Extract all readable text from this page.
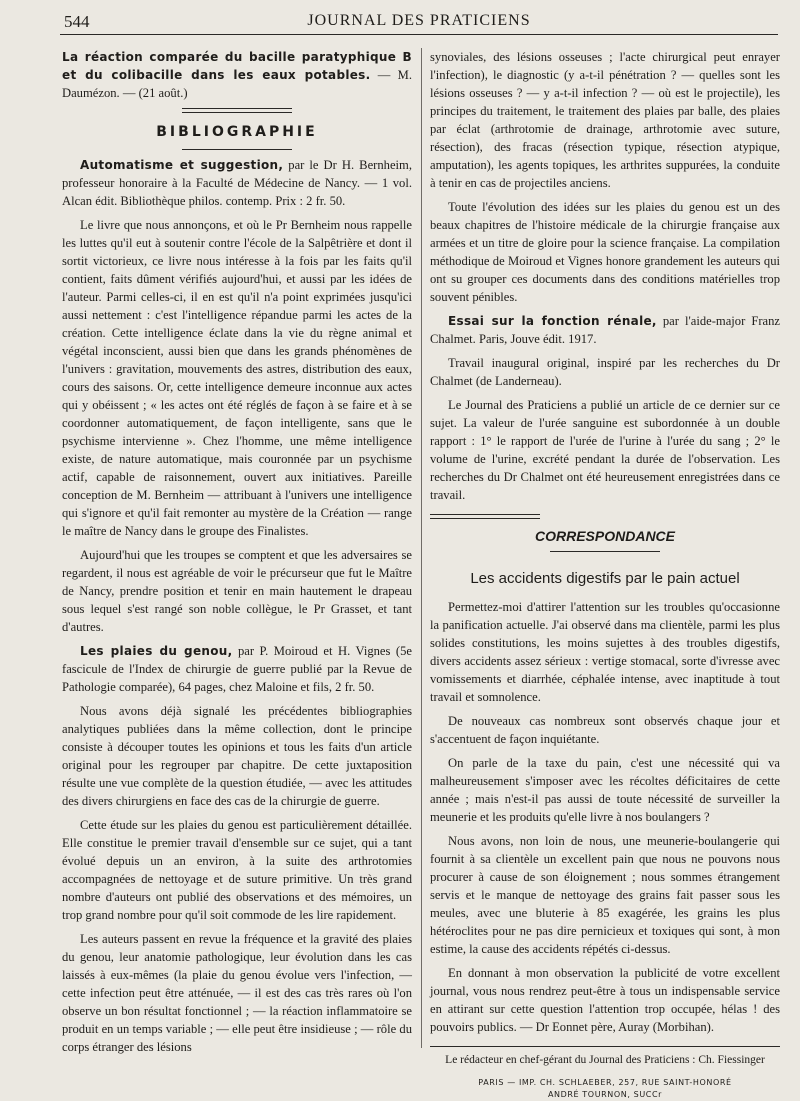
544	JOURNAL DES PRATICIENS

La réaction comparée du bacille paratyphique B et du colibacille dans les eaux potables. — M. Daumézon. — (21 août.)

BIBLIOGRAPHIE

Automatisme et suggestion, par le Dr H. Bernheim, professeur honoraire à la Faculté de Médecine de Nancy. — 1 vol. Alcan édit. Bibliothèque philos. contemp. Prix : 2 fr. 50.

Le livre que nous annonçons, et où le Pr Bernheim nous rappelle les luttes qu'il eut à soutenir contre l'école de la Salpêtrière et dont il sortit victorieux, ce livre nous intéresse à la fois par les faits qu'il contient, faits dûment vérifiés aujourd'hui, et aussi par les idées de l'auteur. Parmi celles-ci, il en est qu'il n'a point exprimées jusqu'ici aussi nettement : c'est l'intelligence répandue parmi les actes de la création. Cette intelligence éclate dans la vie du règne animal et végétal inconscient, aussi bien que dans les grands phénomènes de l'univers : gravitation, mouvements des astres, distribution des eaux, cours des saisons. Or, cette intelligence demeure inconnue aux actes qui y obéissent ; « les actes ont été réglés de façon à se faire et à se coordonner automatiquement, de façon intelligente, sans que le psychisme intervienne ». Chez l'homme, une même intelligence existe, de nature automatique, mais couronnée par un psychisme actif, capable de raisonnement, ouvert aux initiatives. Pareille conception de M. Bernheim — attribuant à l'univers une intelligence qui s'ignore et qu'il fait remonter au mystère de la Création — range le maître de Nancy dans le groupe des Finalistes.

Aujourd'hui que les troupes se comptent et que les adversaires se regardent, il nous est agréable de voir le précurseur que fut le Maître de Nancy, prendre position et tenir en main hautement le drapeau sous lequel s'est rangé son noble collègue, le Pr Grasset, et tant d'autres.

Les plaies du genou, par P. Moiroud et H. Vignes (5e fascicule de l'Index de chirurgie de guerre publié par la Revue de Pathologie comparée), 64 pages, chez Maloine et fils, 2 fr. 50.

Nous avons déjà signalé les précédentes bibliographies analytiques publiées dans la même collection, dont le principe consiste à découper toutes les opinions et tous les faits d'un article original pour les regrouper par chapitre. De cette juxtaposition résulte une vue complète de la question étudiée, — avec les attitudes des divers chirurgiens en face des cas de la chirurgie de guerre.

Cette étude sur les plaies du genou est particulièrement détaillée. Elle constitue le premier travail d'ensemble sur ce sujet, qui a tant évolué depuis un an environ, à la suite des arthrotomies accompagnées de nettoyage et de suture primitive. Un très grand nombre d'auteurs ont publié des observations et des mémoires, un trop grand nombre pour qu'il soit commode de les lire rapidement.

Les auteurs passent en revue la fréquence et la gravité des plaies du genou, leur anatomie pathologique, leur évolution dans les cas laissés à eux-mêmes (la plaie du genou évolue vers l'infection, — cette infection peut être atténuée, — il est des cas très rares où l'on observe un bon résultat fonctionnel ; — la réaction inflammatoire se produit en un temps variable ; — elle peut être insidieuse ; — rôle du corps étranger des lésions

synoviales, des lésions osseuses ; l'acte chirurgical peut enrayer l'infection), le diagnostic (y a-t-il pénétration ? — quelles sont les lésions osseuses ? — y a-t-il infection ? — où est le projectile), les principes du traitement, le traitement des plaies par balle, des plaies par éclat (arthrotomie de drainage, arthrotomie avec suture, résection), des fracas (résection typique, résection atypique, amputation), les agents topiques, les arthrites suppurées, la conduite à tenir en cas de projectiles anciens.

Toute l'évolution des idées sur les plaies du genou est un des beaux chapitres de l'histoire médicale de la chirurgie française aux armées et un titre de gloire pour la science française. La compilation méthodique de Moiroud et Vignes honore grandement les auteurs qui ont su grouper ces documents dans des conditions matérielles trop souvent pénibles.

Essai sur la fonction rénale, par l'aide-major Franz Chalmet. Paris, Jouve édit. 1917.

Travail inaugural original, inspiré par les recherches du Dr Chalmet (de Landerneau).

Le Journal des Praticiens a publié un article de ce dernier sur ce sujet. La valeur de l'urée sanguine est subordonnée à un double rapport : 1° le rapport de l'urée de l'urine à l'urée du sang ; 2° le volume de l'urine, excrété pendant la durée de l'observation. Les recherches du Dr Chalmet ont été heureusement enregistrées dans ce travail.

CORRESPONDANCE
Les accidents digestifs par le pain actuel

Permettez-moi d'attirer l'attention sur les troubles qu'occasionne la panification actuelle. J'ai observé dans ma clientèle, parmi les plus solides constitutions, les moins sujettes à des troubles digestifs, divers accidents assez sérieux : vertige stomacal, sorte d'ivresse avec vomissements et diarrhée, céphalée intense, avec inaptitude à tout travail et somnolence.

De nouveaux cas nombreux sont observés chaque jour et s'accentuent de façon inquiétante.

On parle de la taxe du pain, c'est une nécessité qui va malheureusement s'imposer avec les récoltes déficitaires de cette année ; mais n'est-il pas aussi de toute nécessité de surveiller la meunerie et les produits qu'elle livre à nos boulangers ?

Nous avons, non loin de nous, une meunerie-boulangerie qui fournit à sa clientèle un excellent pain que nous ne pouvons nous procurer à cause de son éloignement ; nous sommes étrangement servis et le manque de nettoyage des grains fait passer sous les meules, avec une bluterie à 85 exagérée, les grains les plus hétéroclites pour ne pas dire pernicieux et toxiques qui sont, à mon estime, la cause des accidents répétés ci-dessus.

En donnant à mon observation la publicité de votre excellent journal, vous nous rendrez peut-être à tous un indispensable service en attirant sur cette question l'attention trop occupée, hélas ! des pouvoirs publics. — Dr Eonnet père, Auray (Morbihan).

Le rédacteur en chef-gérant du Journal des Praticiens : Ch. Fiessinger
PARIS — IMP. CH. SCHLAEBER, 257, RUE SAINT-HONORÉ
ANDRÉ TOURNON, SUCCr
